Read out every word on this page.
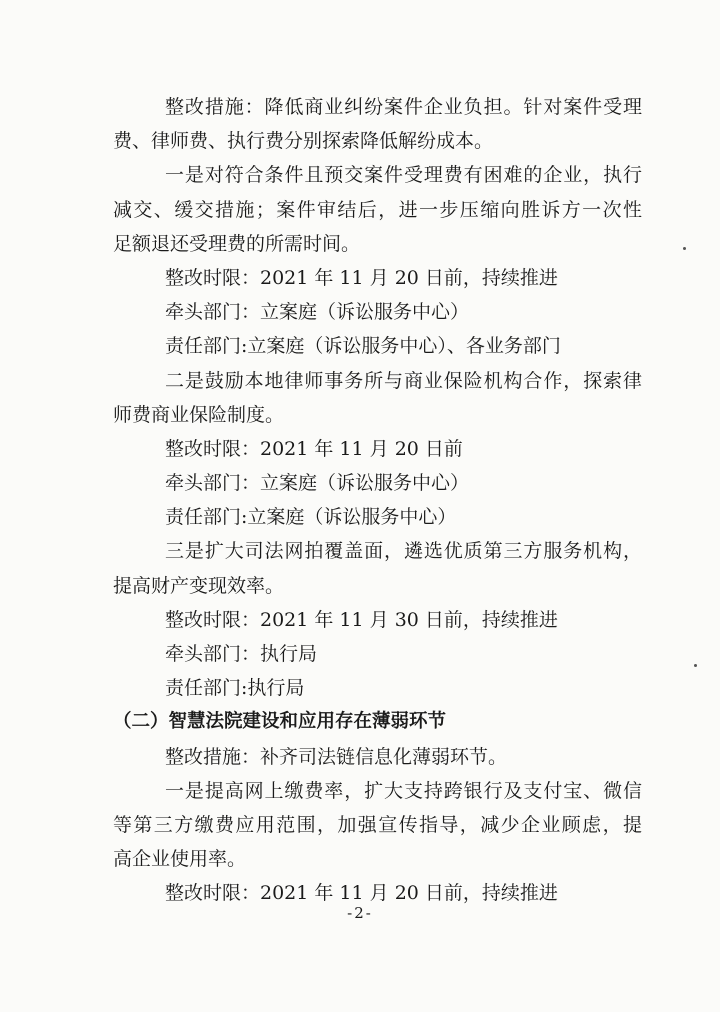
整改措施：降低商业纠纷案件企业负担。针对案件受理
费、律师费、执行费分别探索降低解纷成本。
一是对符合条件且预交案件受理费有困难的企业，执行
减交、缓交措施；案件审结后，进一步压缩向胜诉方一次性
足额退还受理费的所需时间。
整改时限：2021 年 11 月 20 日前，持续推进
牵头部门：立案庭（诉讼服务中心）
责任部门:立案庭（诉讼服务中心）、各业务部门
二是鼓励本地律师事务所与商业保险机构合作，探索律
师费商业保险制度。
整改时限：2021 年 11 月 20 日前
牵头部门：立案庭（诉讼服务中心）
责任部门:立案庭（诉讼服务中心）
三是扩大司法网拍覆盖面，遴选优质第三方服务机构，
提高财产变现效率。
整改时限：2021 年 11 月 30 日前，持续推进
牵头部门：执行局
责任部门:执行局
（二）智慧法院建设和应用存在薄弱环节
整改措施：补齐司法链信息化薄弱环节。
一是提高网上缴费率，扩大支持跨银行及支付宝、微信
等第三方缴费应用范围，加强宣传指导，减少企业顾虑，提
高企业使用率。
整改时限：2021 年 11 月 20 日前，持续推进
-2-
